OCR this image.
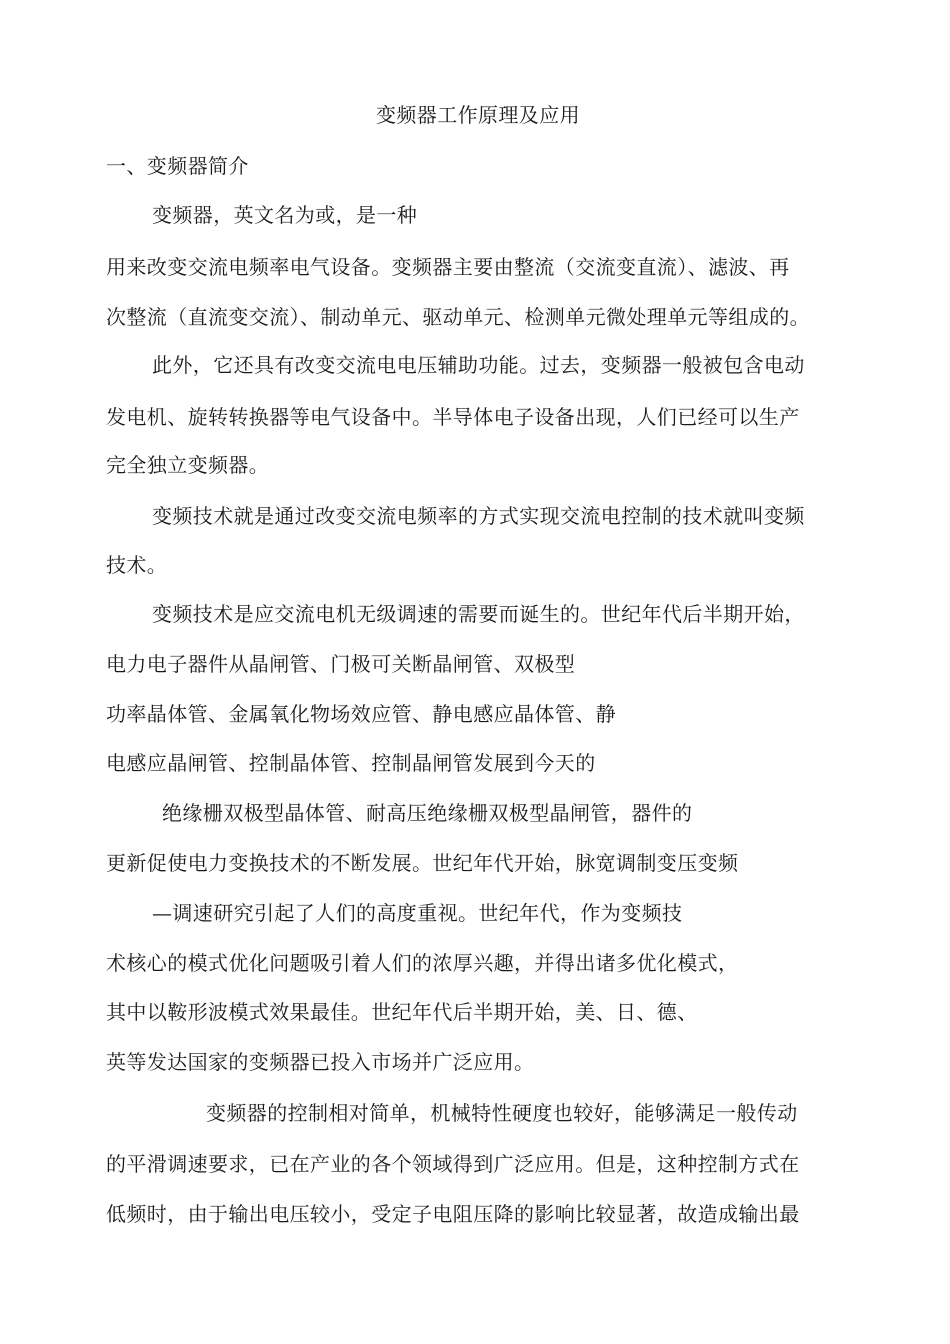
变频器工作原理及应用
一、变频器简介
变频器，英文名为或，是一种
用来改变交流电频率电气设备。变频器主要由整流（交流变直流）、滤波、再
次整流（直流变交流）、制动单元、驱动单元、检测单元微处理单元等组成的。
此外，它还具有改变交流电电压辅助功能。过去，变频器一般被包含电动
发电机、旋转转换器等电气设备中。半导体电子设备出现，人们已经可以生产
完全独立变频器。
变频技术就是通过改变交流电频率的方式实现交流电控制的技术就叫变频
技术。
变频技术是应交流电机无级调速的需要而诞生的。世纪年代后半期开始，
电力电子器件从晶闸管、门极可关断晶闸管、双极型
功率晶体管、金属氧化物场效应管、静电感应晶体管、静
电感应晶闸管、控制晶体管、控制晶闸管发展到今天的
绝缘栅双极型晶体管、耐高压绝缘栅双极型晶闸管，器件的
更新促使电力变换技术的不断发展。世纪年代开始，脉宽调制变压变频
—调速研究引起了人们的高度重视。世纪年代，作为变频技
术核心的模式优化问题吸引着人们的浓厚兴趣，并得出诸多优化模式，
其中以鞍形波模式效果最佳。世纪年代后半期开始，美、日、德、
英等发达国家的变频器已投入市场并广泛应用。
变频器的控制相对简单，机械特性硬度也较好，能够满足一般传动
的平滑调速要求，已在产业的各个领域得到广泛应用。但是，这种控制方式在
低频时，由于输出电压较小，受定子电阻压降的影响比较显著，故造成输出最
